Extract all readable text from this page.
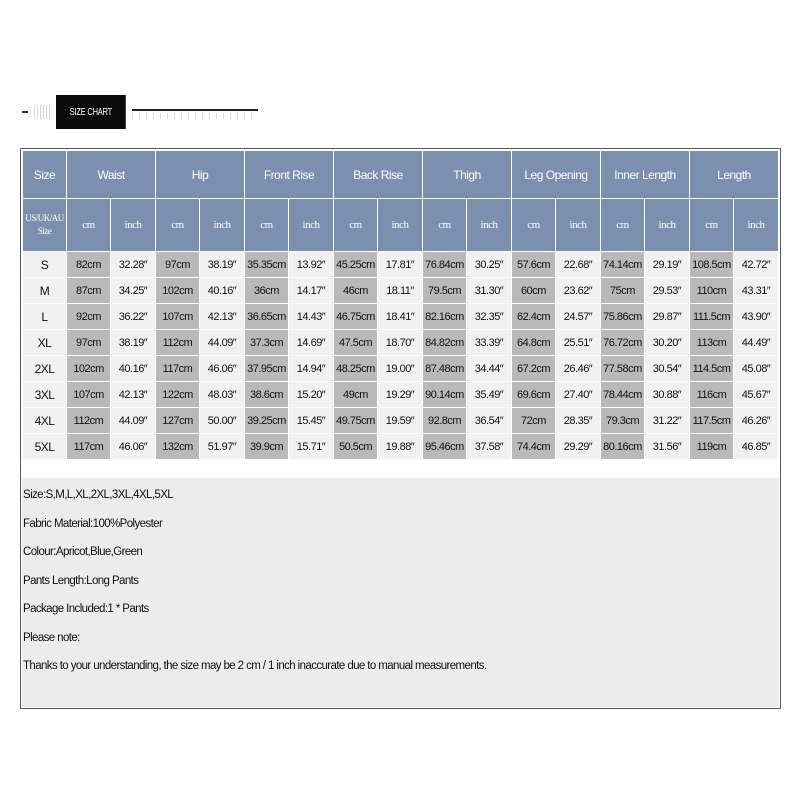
SIZE CHART
Size	Waist		Hip		Front Rise		Back Rise		Thigh		Leg Opening		Inner Length		Length	
US/UK/AU Size	cm	inch	cm	inch	cm	inch	cm	inch	cm	inch	cm	inch	cm	inch	cm	inch
S	82cm	32.28″	97cm	38.19″	35.35cm	13.92″	45.25cm	17.81″	76.84cm	30.25″	57.6cm	22.68″	74.14cm	29.19″	108.5cm	42.72″
M	87cm	34.25″	102cm	40.16″	36cm	14.17″	46cm	18.11″	79.5cm	31.30″	60cm	23.62″	75cm	29.53″	110cm	43.31″
L	92cm	36.22″	107cm	42.13″	36.65cm	14.43″	46.75cm	18.41″	82.16cm	32.35″	62.4cm	24.57″	75.86cm	29.87″	111.5cm	43.90″
XL	97cm	38.19″	112cm	44.09″	37.3cm	14.69″	47.5cm	18.70″	84.82cm	33.39″	64.8cm	25.51″	76.72cm	30.20″	113cm	44.49″
2XL	102cm	40.16″	117cm	46.06″	37.95cm	14.94″	48.25cm	19.00″	87.48cm	34.44″	67.2cm	26.46″	77.58cm	30.54″	114.5cm	45.08″
3XL	107cm	42.13″	122cm	48.03″	38.6cm	15.20″	49cm	19.29″	90.14cm	35.49″	69.6cm	27.40″	78.44cm	30.88″	116cm	45.67″
4XL	112cm	44.09″	127cm	50.00″	39.25cm	15.45″	49.75cm	19.59″	92.8cm	36.54″	72cm	28.35″	79.3cm	31.22″	117.5cm	46.26″
5XL	117cm	46.06″	132cm	51.97″	39.9cm	15.71″	50.5cm	19.88″	95.46cm	37.58″	74.4cm	29.29″	80.16cm	31.56″	119cm	46.85″
Size:S,M,L,XL,2XL,3XL,4XL,5XL
Fabric Material:100%Polyester
Colour:Apricot,Blue,Green
Pants Length:Long Pants
Package Included:1 * Pants
Please note:
Thanks to your understanding, the size may be 2 cm / 1 inch inaccurate due to manual measurements.
